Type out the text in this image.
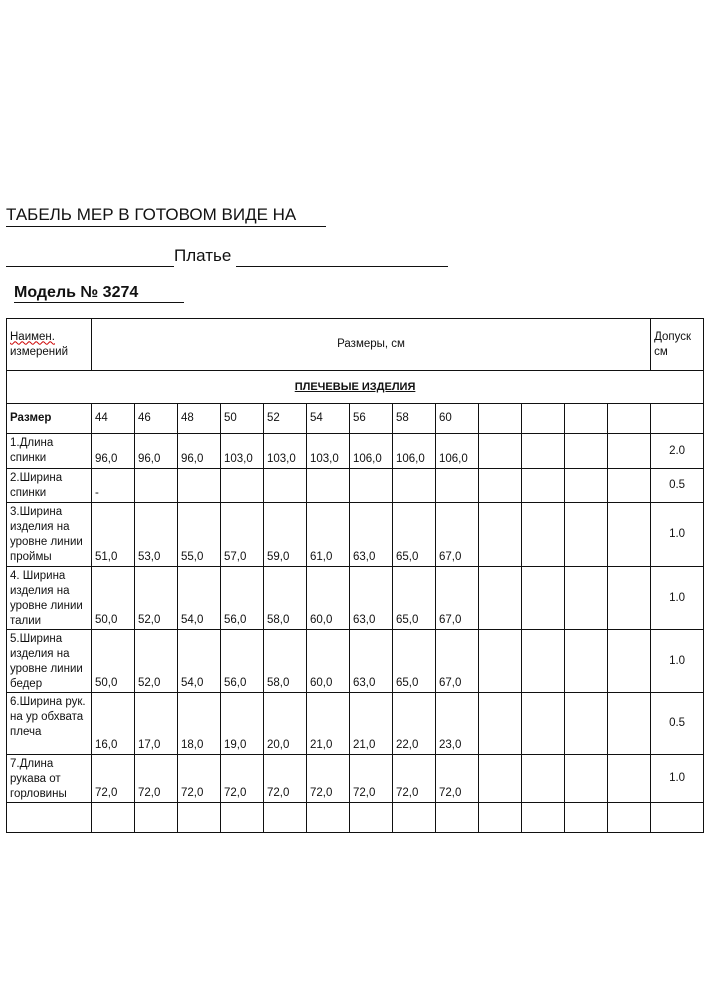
ТАБЕЛЬ МЕР В ГОТОВОМ ВИДЕ НА
Платье
Модель № 3274
Наимен.
измерений	Размеры, см													Допуск см
ПЛЕЧЕВЫЕ ИЗДЕЛИЯ														
Размер	44	46	48	50	52	54	56	58	60					
1.Длина спинки	96,0	96,0	96,0	103,0	103,0	103,0	106,0	106,0	106,0					2.0
2.Ширина спинки	-													0.5
3.Ширина изделия на уровне линии проймы	51,0	53,0	55,0	57,0	59,0	61,0	63,0	65,0	67,0					1.0
4. Ширина изделия на уровне линии талии	50,0	52,0	54,0	56,0	58,0	60,0	63,0	65,0	67,0					1.0
5.Ширина изделия на уровне линии бедер	50,0	52,0	54,0	56,0	58,0	60,0	63,0	65,0	67,0					1.0
6.Ширина рук. на ур обхвата плеча	16,0	17,0	18,0	19,0	20,0	21,0	21,0	22,0	23,0					0.5
7.Длина рукава от горловины	72,0	72,0	72,0	72,0	72,0	72,0	72,0	72,0	72,0					1.0
